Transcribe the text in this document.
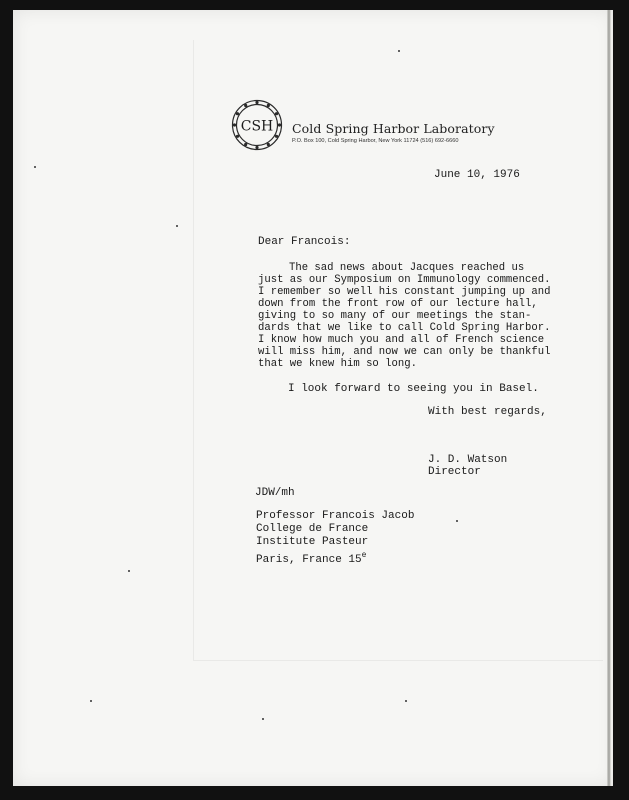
CSH Cold Spring Harbor Laboratory
P.O. Box 100, Cold Spring Harbor, New York 11724 (516) 692-6660
June 10, 1976
Dear Francois:
The sad news about Jacques reached us
just as our Symposium on Immunology commenced.
I remember so well his constant jumping up and
down from the front row of our lecture hall,
giving to so many of our meetings the stan-
dards that we like to call Cold Spring Harbor.
I know how much you and all of French science
will miss him, and now we can only be thankful
that we knew him so long.
I look forward to seeing you in Basel.
With best regards,
J. D. Watson
Director
JDW/mh
Professor Francois Jacob
College de France
Institute Pasteur
Paris, France 15e
